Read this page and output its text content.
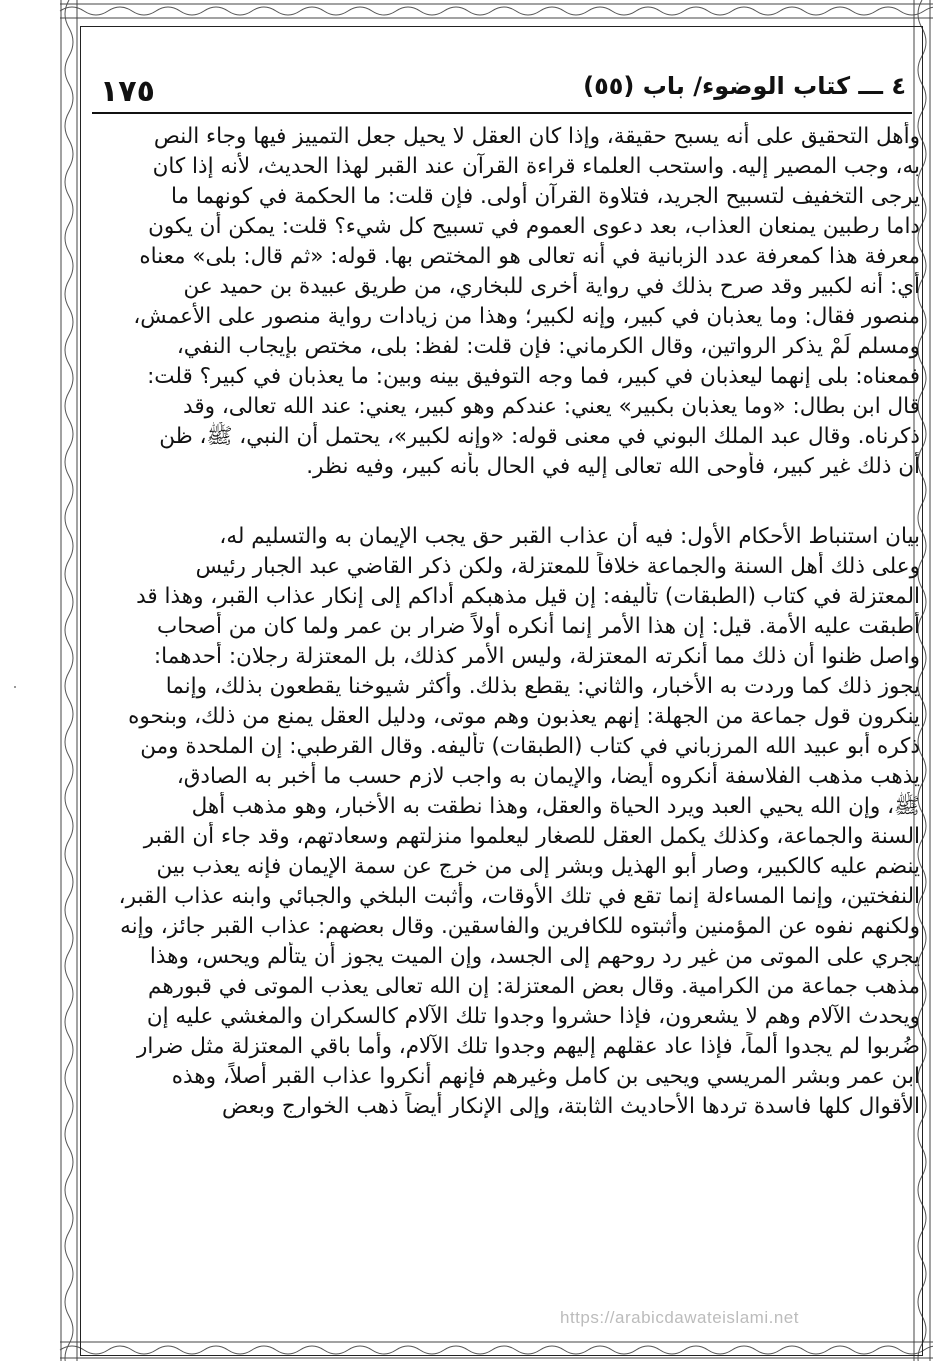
١٧٥	٤ ـــ كتاب الوضوء/ باب (٥٥)
وأهل التحقيق على أنه يسبح حقيقة، وإذا كان العقل لا يحيل جعل التمييز فيها وجاء النص
به، وجب المصير إليه. واستحب العلماء قراءة القرآن عند القبر لهذا الحديث، لأنه إذا كان
يرجى التخفيف لتسبيح الجريد، فتلاوة القرآن أولى. فإن قلت: ما الحكمة في كونهما ما
داما رطبين يمنعان العذاب، بعد دعوى العموم في تسبيح كل شيء؟ قلت: يمكن أن يكون
معرفة هذا كمعرفة عدد الزبانية في أنه تعالى هو المختص بها. قوله: «ثم قال: بلى» معناه
أي: أنه لكبير وقد صرح بذلك في رواية أخرى للبخاري، من طريق عبيدة بن حميد عن
منصور فقال: وما يعذبان في كبير، وإنه لكبير؛ وهذا من زيادات رواية منصور على الأعمش،
ومسلم لَمْ يذكر الرواتين، وقال الكرماني: فإن قلت: لفظ: بلى، مختص بإيجاب النفي،
فمعناه: بلى إنهما ليعذبان في كبير، فما وجه التوفيق بينه وبين: ما يعذبان في كبير؟ قلت:
قال ابن بطال: «وما يعذبان بكبير» يعني: عندكم وهو كبير، يعني: عند الله تعالى، وقد
ذكرناه. وقال عبد الملك البوني في معنى قوله: «وإنه لكبير»، يحتمل أن النبي، ﷺ، ظن
أن ذلك غير كبير، فأوحى الله تعالى إليه في الحال بأنه كبير، وفيه نظر.
بيان استنباط الأحكام الأول: فيه أن عذاب القبر حق يجب الإيمان به والتسليم له،
وعلى ذلك أهل السنة والجماعة خلافاً للمعتزلة، ولكن ذكر القاضي عبد الجبار رئيس
المعتزلة في كتاب (الطبقات) تأليفه: إن قيل مذهبكم أداكم إلى إنكار عذاب القبر، وهذا قد
أطبقت عليه الأمة. قيل: إن هذا الأمر إنما أنكره أولاً ضرار بن عمر ولما كان من أصحاب
واصل ظنوا أن ذلك مما أنكرته المعتزلة، وليس الأمر كذلك، بل المعتزلة رجلان: أحدهما:
يجوز ذلك كما وردت به الأخبار، والثاني: يقطع بذلك. وأكثر شيوخنا يقطعون بذلك، وإنما
ينكرون قول جماعة من الجهلة: إنهم يعذبون وهم موتى، ودليل العقل يمنع من ذلك، وبنحوه
ذكره أبو عبيد الله المرزباني في كتاب (الطبقات) تأليفه. وقال القرطبي: إن الملحدة ومن
يذهب مذهب الفلاسفة أنكروه أيضا، والإيمان به واجب لازم حسب ما أخبر به الصادق،
ﷺ، وإن الله يحيي العبد ويرد الحياة والعقل، وهذا نطقت به الأخبار، وهو مذهب أهل
السنة والجماعة، وكذلك يكمل العقل للصغار ليعلموا منزلتهم وسعادتهم، وقد جاء أن القبر
ينضم عليه كالكبير، وصار أبو الهذيل وبشر إلى من خرج عن سمة الإيمان فإنه يعذب بين
النفختين، وإنما المساءلة إنما تقع في تلك الأوقات، وأثبت البلخي والجبائي وابنه عذاب القبر،
ولكنهم نفوه عن المؤمنين وأثبتوه للكافرين والفاسقين. وقال بعضهم: عذاب القبر جائز، وإنه
يجري على الموتى من غير رد روحهم إلى الجسد، وإن الميت يجوز أن يتألم ويحس، وهذا
مذهب جماعة من الكرامية. وقال بعض المعتزلة: إن الله تعالى يعذب الموتى في قبورهم
ويحدث الآلام وهم لا يشعرون، فإذا حشروا وجدوا تلك الآلام كالسكران والمغشي عليه إن
ضُربوا لم يجدوا ألماً، فإذا عاد عقلهم إليهم وجدوا تلك الآلام، وأما باقي المعتزلة مثل ضرار
ابن عمر وبشر المريسي ويحيى بن كامل وغيرهم فإنهم أنكروا عذاب القبر أصلاً، وهذه
الأقوال كلها فاسدة تردها الأحاديث الثابتة، وإلى الإنكار أيضاً ذهب الخوارج وبعض
https://arabicdawateislami.net
